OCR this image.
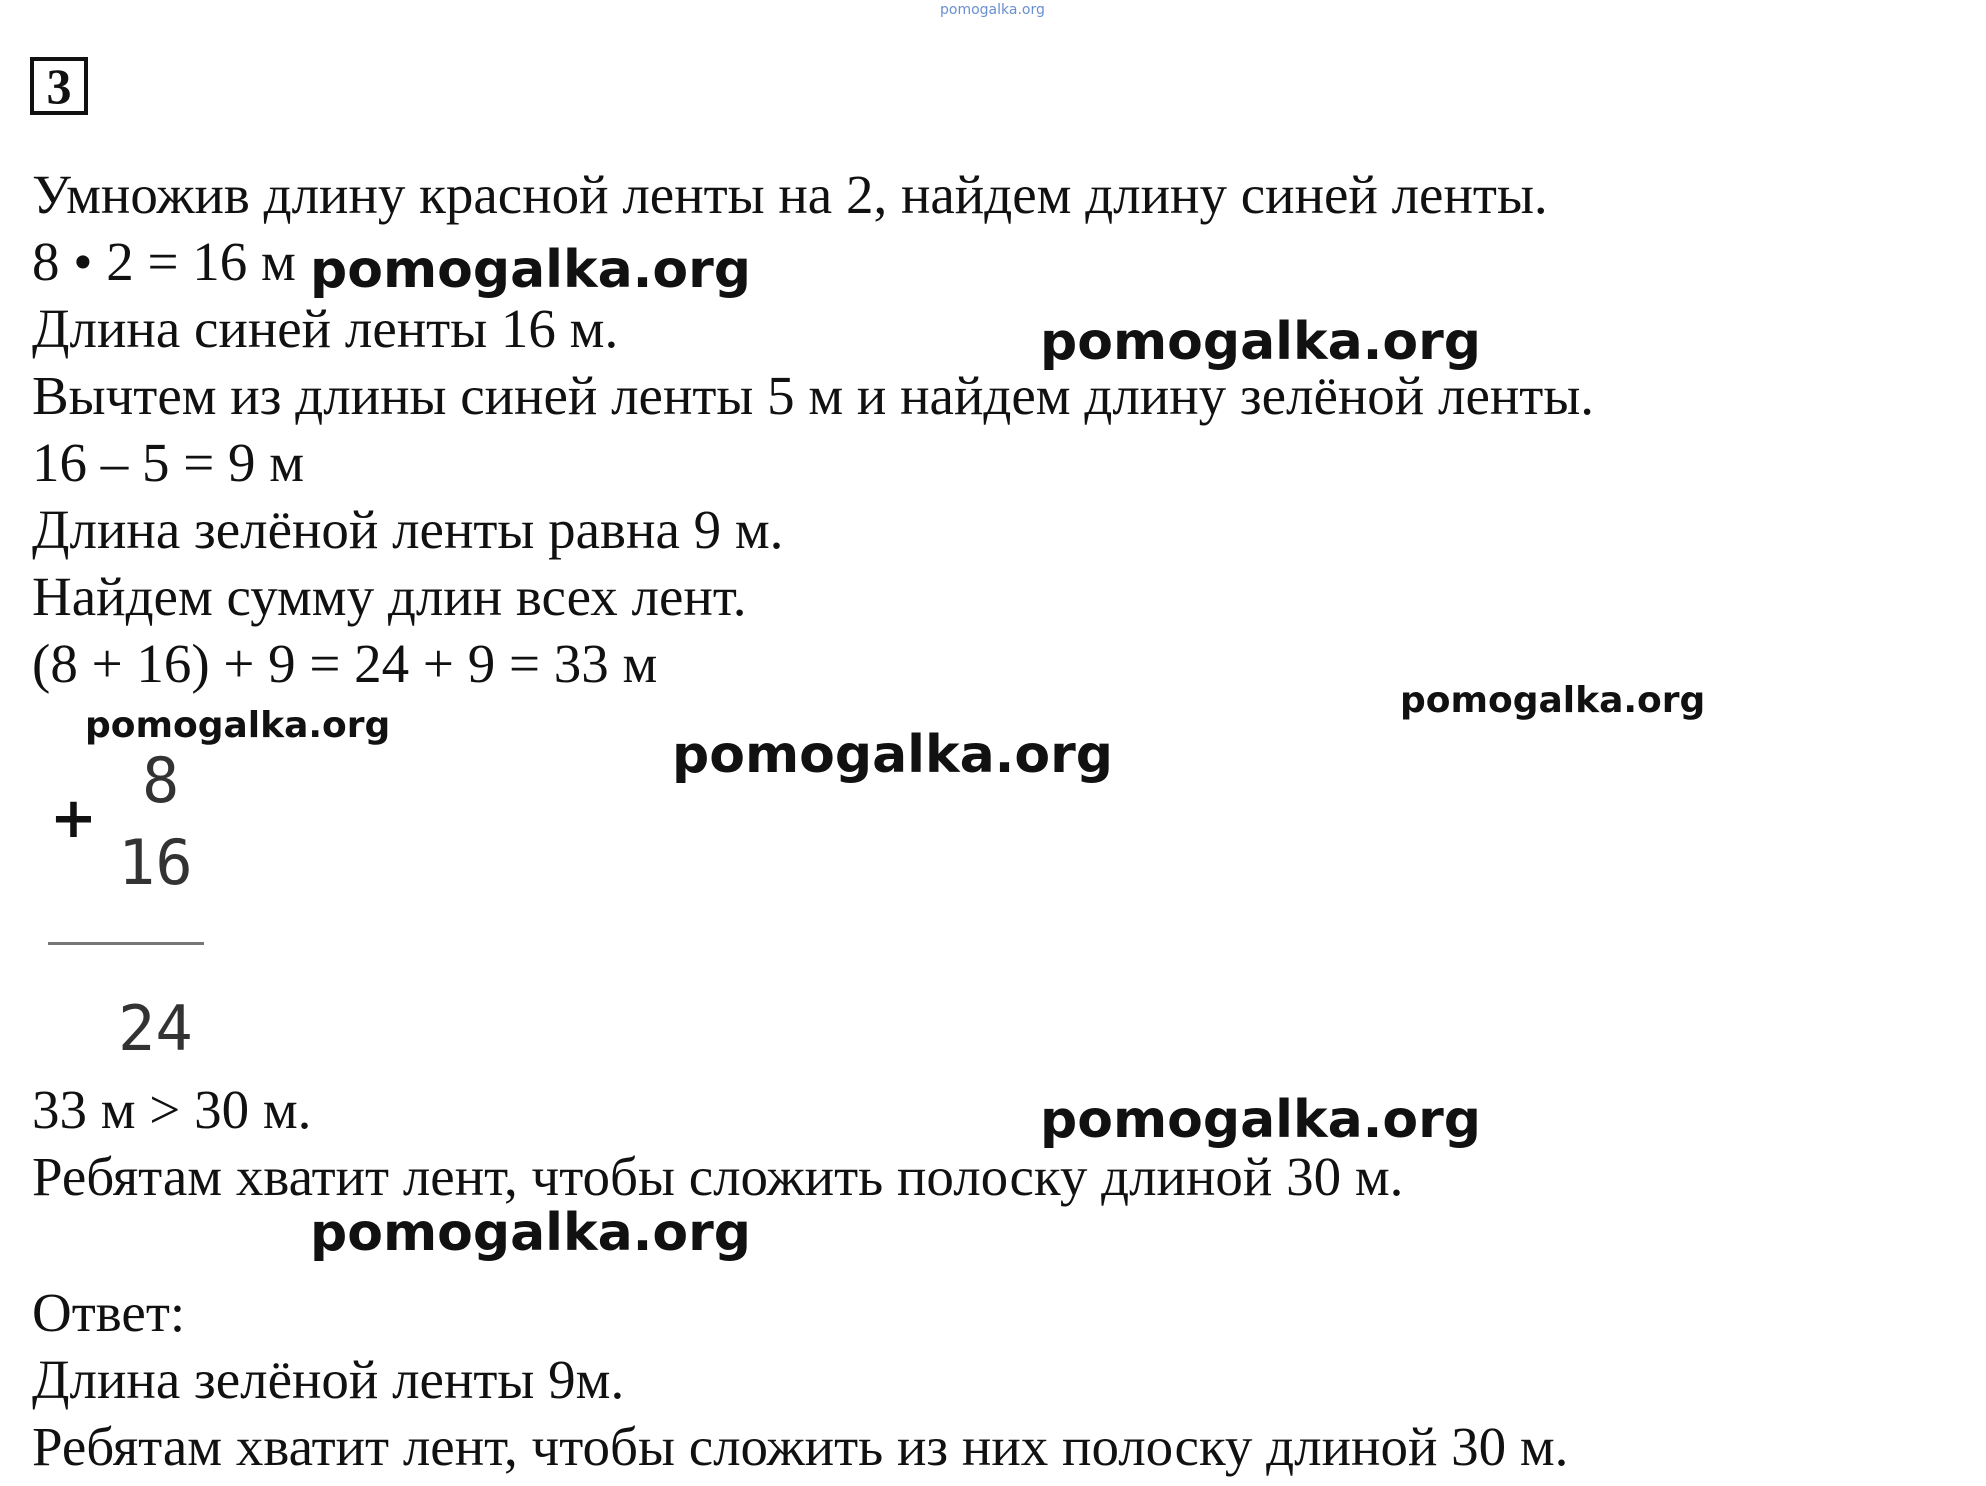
pomogalka.org
3
Умножив длину красной ленты на 2, найдем длину синей ленты.
8 • 2 = 16 м
Длина синей ленты 16 м.
Вычтем из длины синей ленты 5 м и найдем длину зелёной ленты.
16 – 5 = 9 м
Длина зелёной ленты равна 9 м.
Найдем сумму длин всех лент.
(8 + 16) + 9 = 24 + 9 = 33 м
8
+
16
24
33 м > 30 м.
Ребятам хватит лент, чтобы сложить полоску длиной 30 м.
Ответ:
Длина зелёной ленты 9м.
Ребятам хватит лент, чтобы сложить из них полоску длиной 30 м.
pomogalka.org
pomogalka.org
pomogalka.org
pomogalka.org	pomogalka.org
pomogalka.org
pomogalka.org
